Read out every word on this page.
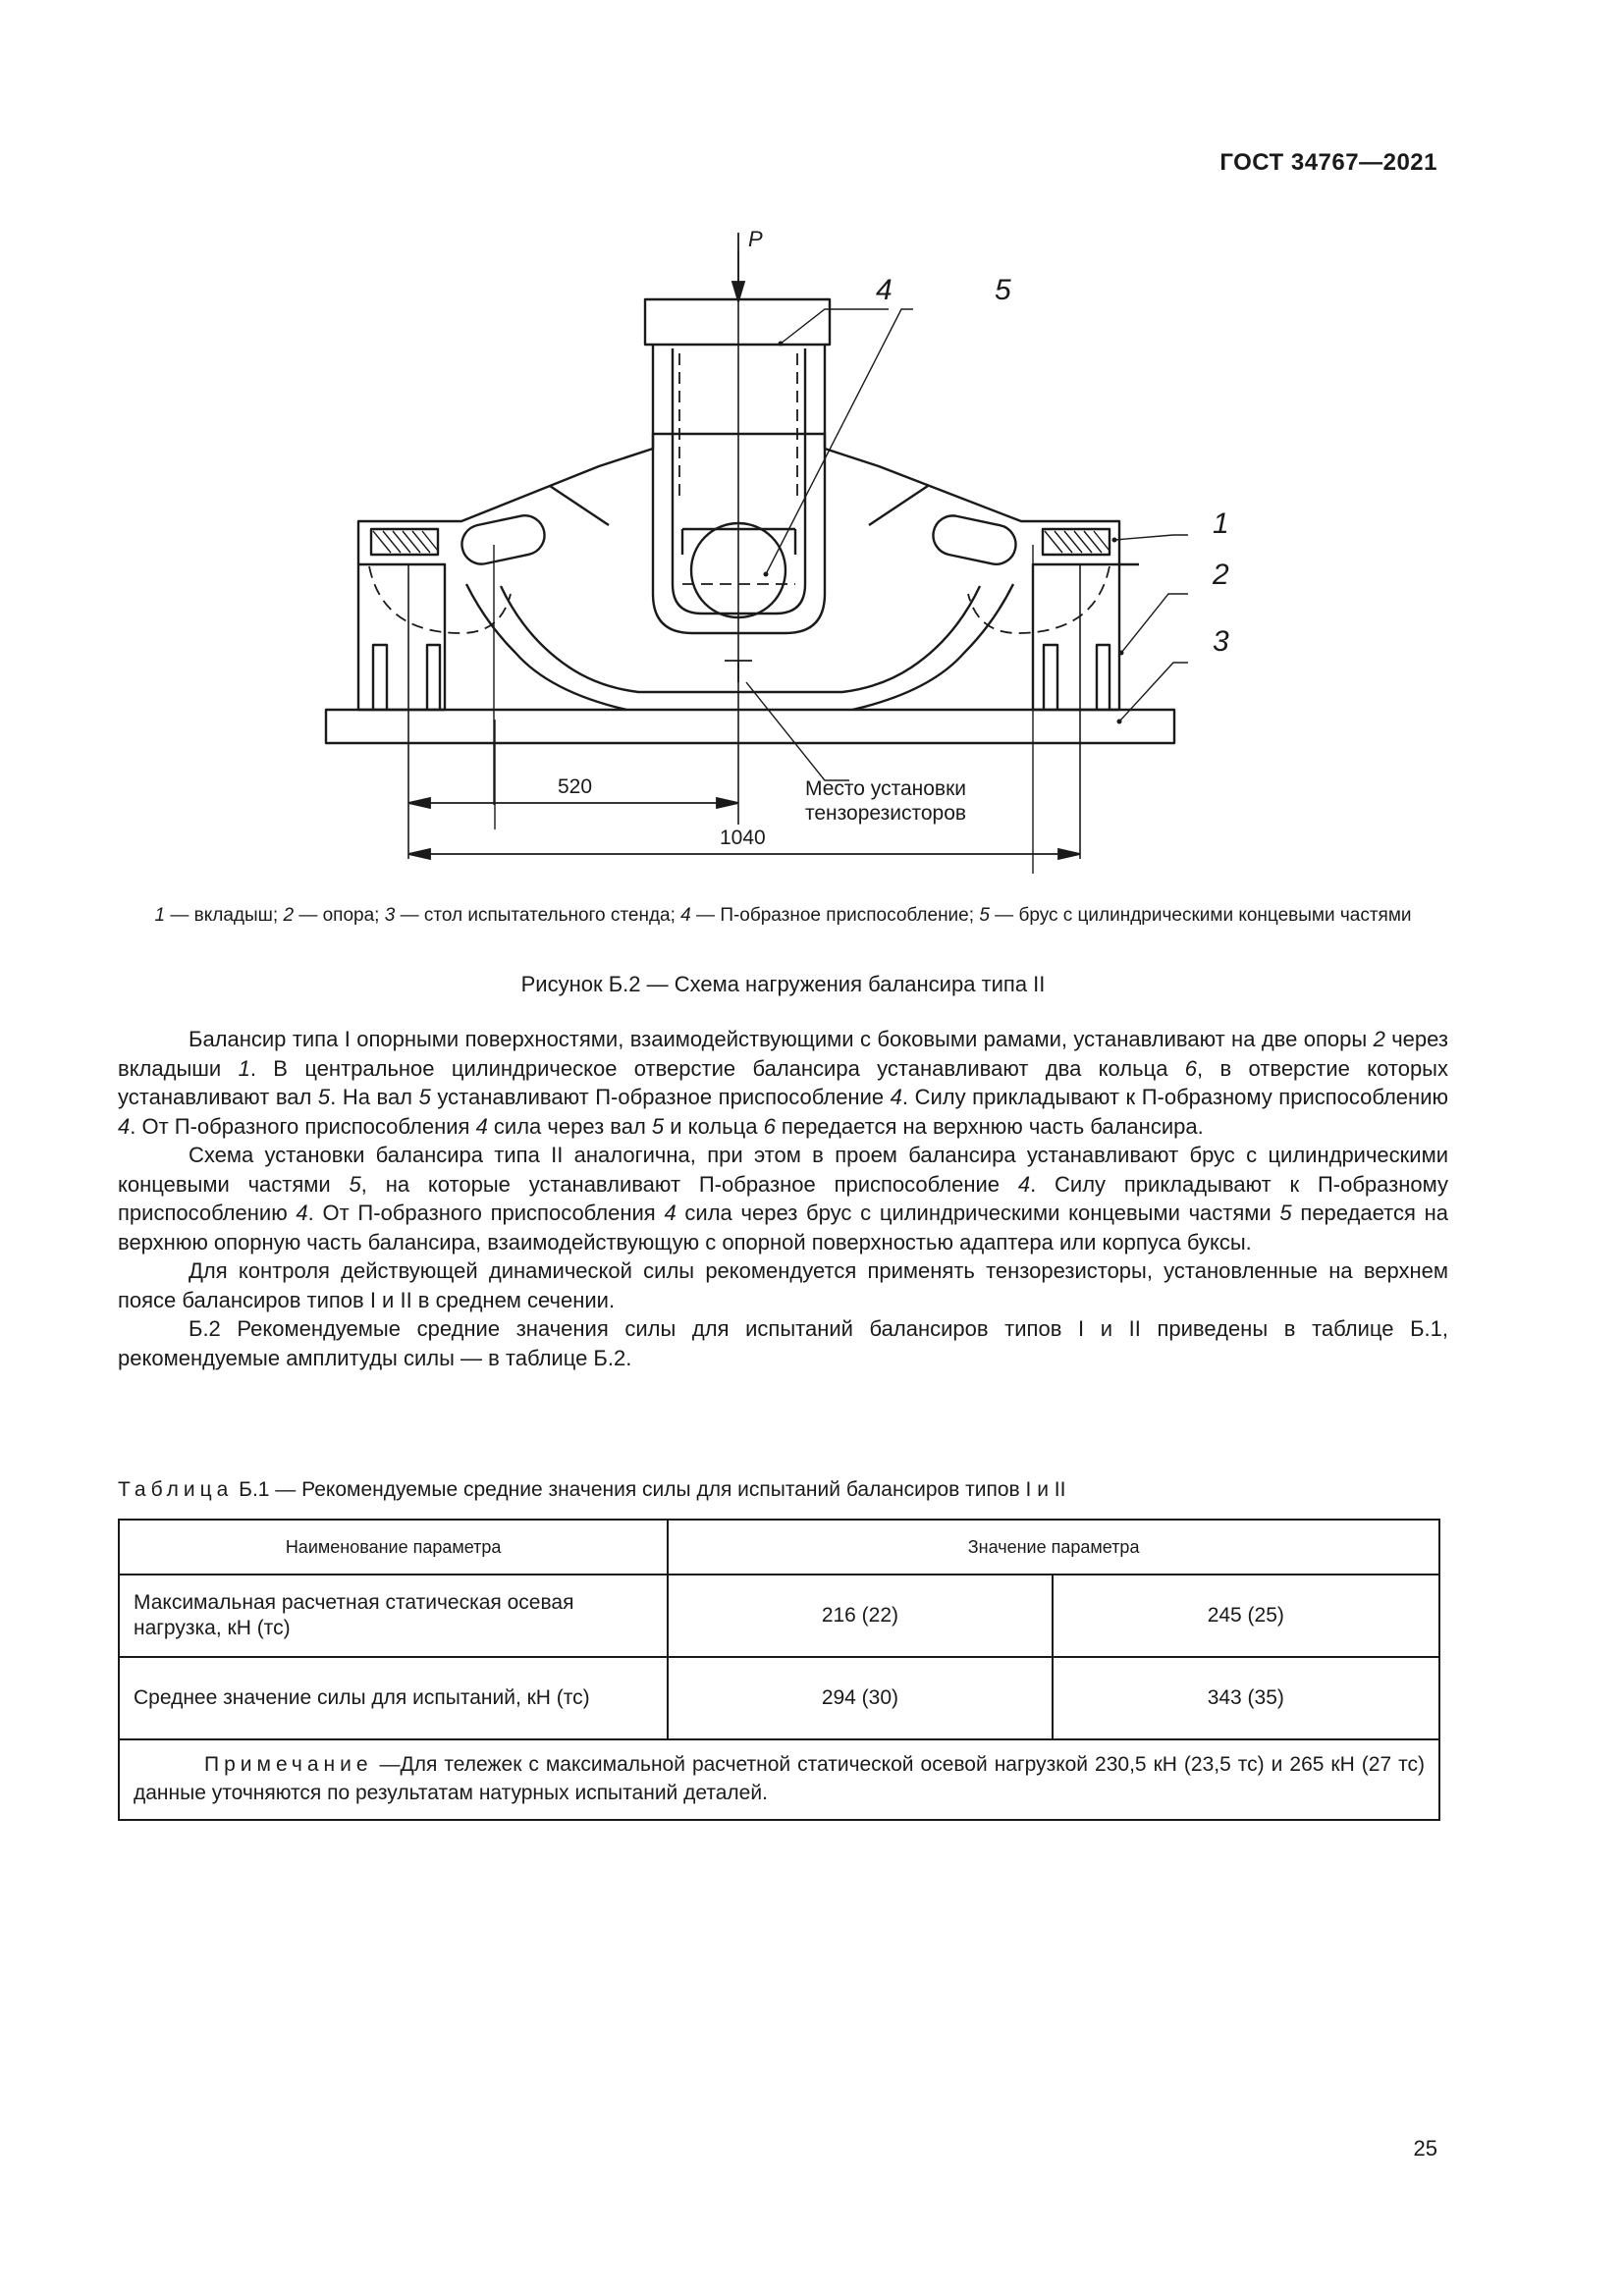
ГОСТ 34767—2021
P
4	5
1
2
3
520
1040
Место установки
тензорезисторов
1 — вкладыш; 2 — опора; 3 — стол испытательного стенда; 4 — П-образное приспособление; 5 — брус с цилиндрическими концевыми частями
Рисунок Б.2 — Схема нагружения балансира типа II

Балансир типа I опорными поверхностями, взаимодействующими с боковыми рамами, устанавливают на две опоры 2 через вкладыши 1. В центральное цилиндрическое отверстие балансира устанавливают два кольца 6, в отверстие которых устанавливают вал 5. На вал 5 устанавливают П-образное приспособление 4. Силу прикладывают к П-образному приспособлению 4. От П-образного приспособления 4 сила через вал 5 и кольца 6 передается на верхнюю часть балансира.

Схема установки балансира типа II аналогична, при этом в проем балансира устанавливают брус с цилиндрическими концевыми частями 5, на которые устанавливают П-образное приспособление 4. Силу прикладывают к П-образному приспособлению 4. От П-образного приспособления 4 сила через брус с цилиндрическими концевыми частями 5 передается на верхнюю опорную часть балансира, взаимодействующую с опорной поверхностью адаптера или корпуса буксы.

Для контроля действующей динамической силы рекомендуется применять тензорезисторы, установленные на верхнем поясе балансиров типов I и II в среднем сечении.

Б.2 Рекомендуемые средние значения силы для испытаний балансиров типов I и II приведены в таблице Б.1, рекомендуемые амплитуды силы — в таблице Б.2.

Таблица Б.1 — Рекомендуемые средние значения силы для испытаний балансиров типов I и II
Наименование параметра	Значение параметра	
Максимальная расчетная статическая осевая нагрузка, кН (тс)	216 (22)	245 (25)
Среднее значение силы для испытаний, кН (тс)	294 (30)	343 (35)
Примечание —Для тележек с максимальной расчетной статической осевой нагрузкой 230,5 кН (23,5 тс) и 265 кН (27 тс) данные уточняются по результатам натурных испытаний деталей.		
25
